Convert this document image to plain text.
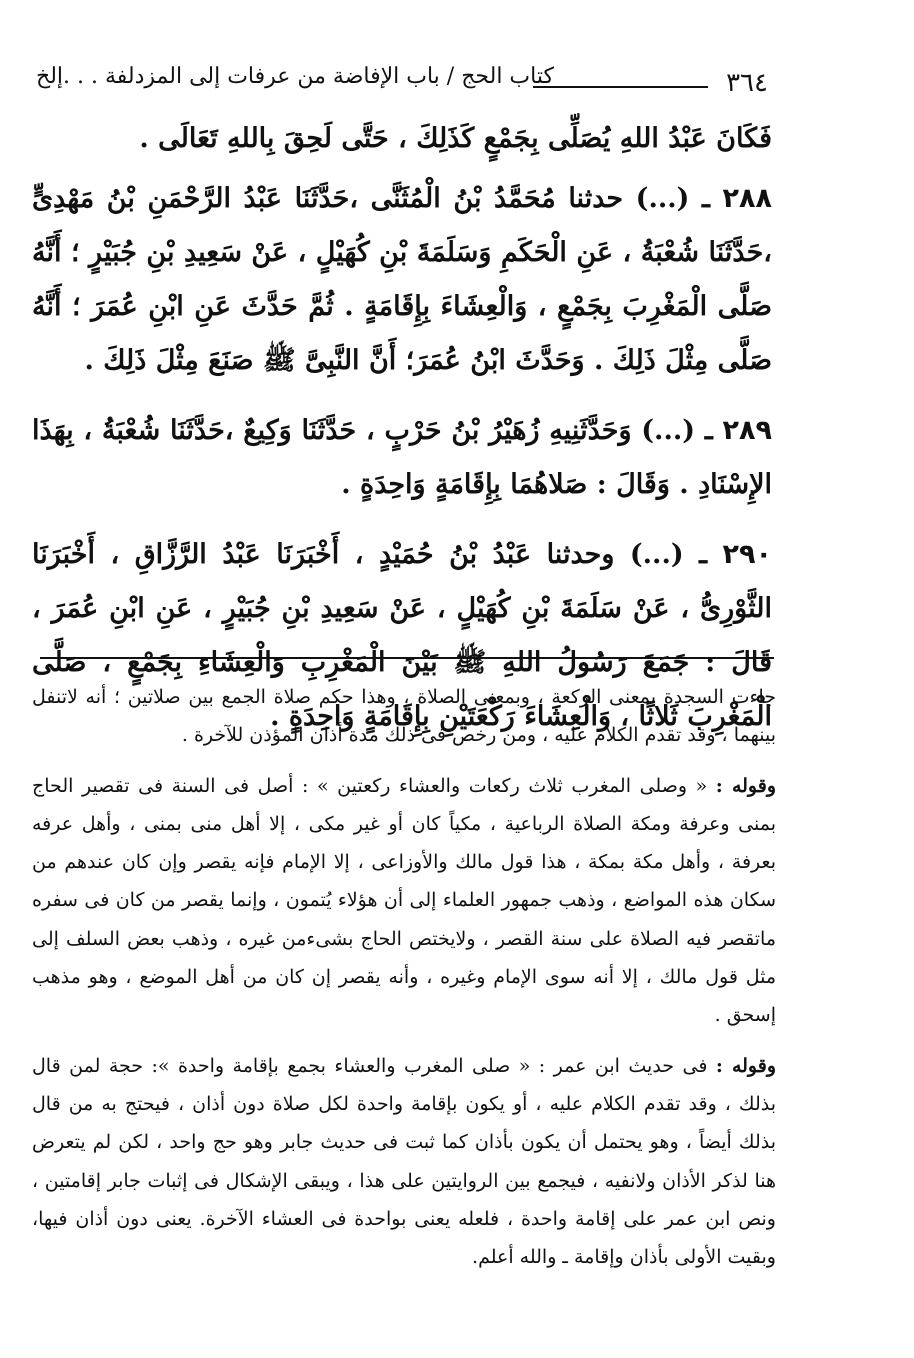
٣٦٤
كتاب الحج / باب الإفاضة من عرفات إلى المزدلفة . . .إلخ

فَكَانَ عَبْدُ اللهِ يُصَلِّى بِجَمْعٍ كَذَلِكَ ، حَتَّى لَحِقَ بِاللهِ تَعَالَى .

٢٨٨ ـ (...) حدثنا مُحَمَّدُ بْنُ الْمُثَنَّى ،حَدَّثَنَا عَبْدُ الرَّحْمَنِ بْنُ مَهْدِىٍّ ،حَدَّثَنَا شُعْبَةُ ، عَنِ الْحَكَمِ وَسَلَمَةَ بْنِ كُهَيْلٍ ، عَنْ سَعِيدِ بْنِ جُبَيْرٍ ؛ أَنَّهُ صَلَّى الْمَغْرِبَ بِجَمْعٍ ، وَالْعِشَاءَ بِإِقَامَةٍ . ثُمَّ حَدَّثَ عَنِ ابْنِ عُمَرَ ؛ أَنَّهُ صَلَّى مِثْلَ ذَلِكَ . وَحَدَّثَ ابْنُ عُمَرَ؛ أَنَّ النَّبِىَّ ﷺ صَنَعَ مِثْلَ ذَلِكَ .

٢٨٩ ـ (...) وَحَدَّثَنِيهِ زُهَيْرُ بْنُ حَرْبٍ ، حَدَّثَنَا وَكِيعٌ ،حَدَّثَنَا شُعْبَةُ ، بِهَذَا الإِسْنَادِ . وَقَالَ : صَلاهُمَا بِإِقَامَةٍ وَاحِدَةٍ .

٢٩٠ ـ (...) وحدثنا عَبْدُ بْنُ حُمَيْدٍ ، أَخْبَرَنَا عَبْدُ الرَّزَّاقِ ، أَخْبَرَنَا الثَّوْرِىُّ ، عَنْ سَلَمَةَ بْنِ كُهَيْلٍ ، عَنْ سَعِيدِ بْنِ جُبَيْرٍ ، عَنِ ابْنِ عُمَرَ ، قَالَ : جَمَعَ رَسُولُ اللهِ ﷺ بَيْنَ الْمَغْرِبِ وَالْعِشَاءِ بِجَمْعٍ ، صَلَّى الْمَغْرِبَ ثَلاثًا ، وَالْعِشَاءَ رَكْعَتَيْنِ بِإِقَامَةٍ وَاحِدَةٍ .

جاءت السجدة بمعنى الركعة ، وبمعنى الصلاة ، وهذا حكم صلاة الجمع بين صلاتين ؛ أنه لاتنفل بينهما ، وقد تقدم الكلام عليه ، ومن رخص فى ذلك مدة أذان المؤذن للآخرة .

وقوله : « وصلى المغرب ثلاث ركعات والعشاء ركعتين » : أصل فى السنة فى تقصير الحاج بمنى وعرفة ومكة الصلاة الرباعية ، مكياً كان أو غير مكى ، إلا أهل منى بمنى ، وأهل عرفه بعرفة ، وأهل مكة بمكة ، هذا قول مالك والأوزاعى ، إلا الإمام فإنه يقصر وإن كان عندهم من سكان هذه المواضع ، وذهب جمهور العلماء إلى أن هؤلاء يُتمون ، وإنما يقصر من كان فى سفره ماتقصر فيه الصلاة على سنة القصر ، ولايختص الحاج بشىءمن غيره ، وذهب بعض السلف إلى مثل قول مالك ، إلا أنه سوى الإمام وغيره ، وأنه يقصر إن كان من أهل الموضع ، وهو مذهب إسحق .

وقوله : فى حديث ابن عمر : « صلى المغرب والعشاء بجمع بإقامة واحدة »: حجة لمن قال بذلك ، وقد تقدم الكلام عليه ، أو يكون بإقامة واحدة لكل صلاة دون أذان ، فيحتج به من قال بذلك أيضاً ، وهو يحتمل أن يكون بأذان كما ثبت فى حديث جابر وهو حج واحد ، لكن لم يتعرض هنا لذكر الأذان ولانفيه ، فيجمع بين الروايتين على هذا ، ويبقى الإشكال فى إثبات جابر إقامتين ، ونص ابن عمر على إقامة واحدة ، فلعله يعنى بواحدة فى العشاء الآخرة. يعنى دون أذان فيها، وبقيت الأولى بأذان وإقامة ـ والله أعلم.
